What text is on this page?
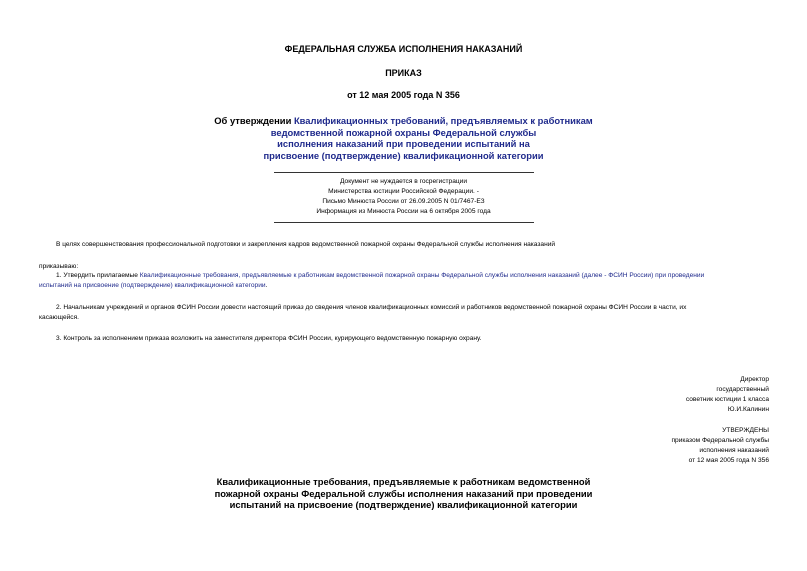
ФЕДЕРАЛЬНАЯ СЛУЖБА ИСПОЛНЕНИЯ НАКАЗАНИЙ
ПРИКАЗ
от 12 мая 2005 года N 356
Об утверждении Квалификационных требований, предъявляемых к работникам
ведомственной пожарной охраны Федеральной службы
исполнения наказаний при проведении испытаний на
присвоение (подтверждение) квалификационной категории
Документ не нуждается в госрегистрации
Министерства юстиции Российской Федерации. -
Письмо Минюста России от 26.09.2005 N 01/7467-ЕЗ
Информация из Минюста России на 6 октября 2005 года
В целях совершенствования профессиональной подготовки и закрепления кадров ведомственной пожарной охраны Федеральной службы исполнения наказаний
приказываю:
1. Утвердить прилагаемые Квалификационные требования, предъявляемые к работникам ведомственной пожарной охраны Федеральной службы исполнения наказаний (далее - ФСИН России) при проведении
испытаний на присвоение (подтверждение) квалификационной категории.
2. Начальникам учреждений и органов ФСИН России довести настоящий приказ до сведения членов квалификационных комиссий и работников ведомственной пожарной охраны ФСИН России в части, их
касающейся.
3. Контроль за исполнением приказа возложить на заместителя директора ФСИН России, курирующего ведомственную пожарную охрану.
Директор
государственный
советник юстиции 1 класса
Ю.И.Калинин
УТВЕРЖДЕНЫ
приказом Федеральной службы
исполнения наказаний
от 12 мая 2005 года N 356
Квалификационные требования, предъявляемые к работникам ведомственной
пожарной охраны Федеральной службы исполнения наказаний при проведении
испытаний на присвоение (подтверждение) квалификационной категории
